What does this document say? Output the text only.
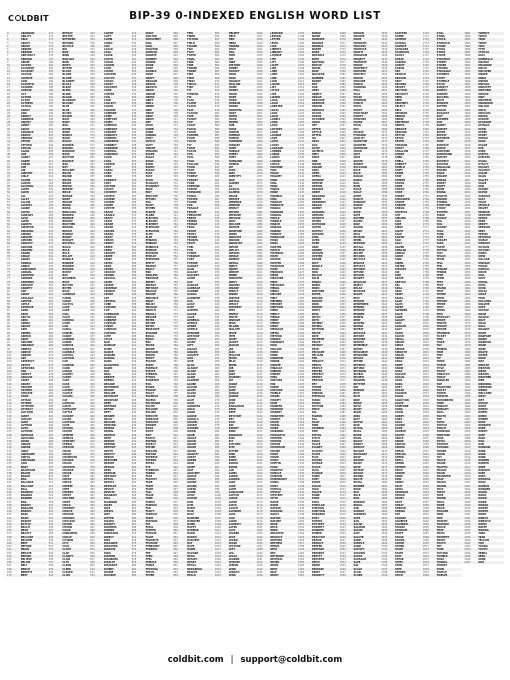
C LDBIT	BIP-39 0-INDEXED ENGLISH WORD LIST
0	ABANDON
1	ABILITY
2	ABLE
3	ABOUT
4	ABOVE
5	ABSENT
6	ABSORB
7	ABSTRACT
8	ABSURD
9	ABUSE
10	ACCESS
11	ACCIDENT
12	ACCOUNT
13	ACCUSE
14	ACHIEVE
15	ACID
16	ACOUSTIC
17	ACQUIRE
18	ACROSS
19	ACT
20	ACTION
21	ACTOR
22	ACTRESS
23	ACTUAL
24	ADAPT
25	ADD
26	ADDICT
27	ADDRESS
28	ADJUST
29	ADMIT
30	ADULT
31	ADVANCE
32	ADVICE
33	AEROBIC
34	AFFAIR
35	AFFORD
36	AFRAID
37	AGAIN
38	AGE
39	AGENT
40	AGREE
41	AHEAD
42	AIM
43	AIR
44	AIRPORT
45	AISLE
46	ALARM
47	ALBUM
48	ALCOHOL
49	ALERT
50	ALIEN
51	ALL
52	ALLEY
53	ALLOW
54	ALMOST
55	ALONE
56	ALPHA
57	ALREADY
58	ALSO
59	ALTER
60	ALWAYS
61	AMATEUR
62	AMAZING
63	AMONG
64	AMOUNT
65	AMUSED
66	ANALYST
67	ANCHOR
68	ANCIENT
69	ANGER
70	ANGLE
71	ANGRY
72	ANIMAL
73	ANKLE
74	ANNOUNCE
75	ANNUAL
76	ANOTHER
77	ANSWER
78	ANTENNA
79	ANTIQUE
80	ANXIETY
81	ANY
82	APART
83	APOLOGY
84	APPEAR
85	APPLE
86	APPROVE
87	APRIL
88	ARCH
89	ARCTIC
90	AREA
91	ARENA
92	ARGUE
93	ARM
94	ARMED
95	ARMOR
96	ARMY
97	AROUND
98	ARRANGE
99	ARREST
100	ARRIVE
101	ARROW
102	ART
103	ARTEFACT
104	ARTIST
105	ARTWORK
106	ASK
107	ASPECT
108	ASSAULT
109	ASSET
110	ASSIST
111	ASSUME
112	ASTHMA
113	ATHLETE
114	ATOM
115	ATTACK
116	ATTEND
117	ATTITUDE
118	ATTRACT
119	AUCTION
120	AUDIT
121	AUGUST
122	AUNT
123	AUTHOR
124	AUTO
125	AUTUMN
126	AVERAGE
127	AVOCADO
128	AVOID
129	AWAKE
130	AWARE
131	AWAY
132	AWESOME
133	AWFUL
134	AWKWARD
135	AXIS
136	BABY
137	BACHELOR
138	BACON
139	BADGE
140	BAG
141	BALANCE
142	BALCONY
143	BALL
144	BAMBOO
145	BANANA
146	BANNER
147	BAR
148	BARELY
149	BARGAIN
150	BARREL
151	BASE
152	BASIC
153	BASKET
154	BATTLE
155	BEACH
156	BEAN
157	BEAUTY
158	BECAUSE
159	BECOME
160	BEEF
161	BEFORE
162	BEGIN
163	BEHAVE
164	BEHIND
165	BELIEVE
166	BELOW
167	BELT
168	BENCH
169	BENEFIT
170	BEST
171	BETRAY
172	BETTER
173	BETWEEN
174	BEYOND
175	BICYCLE
176	BID
177	BIKE
178	BIND
179	BIOLOGY
180	BIRD
181	BIRTH
182	BITTER
183	BLACK
184	BLADE
185	BLAME
186	BLANKET
187	BLAST
188	BLEAK
189	BLESS
190	BLIND
191	BLOOD
192	BLOSSOM
193	BLOUSE
194	BLUE
195	BLUR
196	BLUSH
197	BOARD
198	BOAT
199	BODY
200	BOIL
201	BOMB
202	BONE
203	BONUS
204	BOOK
205	BOOST
206	BORDER
207	BORING
208	BORROW
209	BOSS
210	BOTTOM
211	BOUNCE
212	BOX
213	BOY
214	BRACKET
215	BRAIN
216	BRAND
217	BRASS
218	BRAVE
219	BREAD
220	BREEZE
221	BRICK
222	BRIDGE
223	BRIEF
224	BRIGHT
225	BRING
226	BRISK
227	BROCCOLI
228	BROKEN
229	BRONZE
230	BROOM
231	BROTHER
232	BROWN
233	BRUSH
234	BUBBLE
235	BUDDY
236	BUDGET
237	BUFFALO
238	BUILD
239	BULB
240	BULK
241	BULLET
242	BUNDLE
243	BUNKER
244	BURDEN
245	BURGER
246	BURST
247	BUS
248	BUSINESS
249	BUSY
250	BUTTER
251	BUYER
252	BUZZ
253	CABBAGE
254	CABIN
255	CABLE
256	CACTUS
257	CAGE
258	CAKE
259	CALL
260	CALM
261	CAMERA
262	CAMP
263	CAN
264	CANAL
265	CANCEL
266	CANDY
267	CANNON
268	CANOE
269	CANVAS
270	CANYON
271	CAPABLE
272	CAPITAL
273	CAPTAIN
274	CAR
275	CARBON
276	CARD
277	CARGO
278	CARPET
279	CARRY
280	CART
281	CASE
282	CASH
283	CASINO
284	CASTLE
285	CASUAL
286	CAT
287	CATALOG
288	CATCH
289	CATEGORY
290	CATTLE
291	CAUGHT
292	CAUSE
293	CAUTION
294	CAVE
295	CEILING
296	CELERY
297	CEMENT
298	CENSUS
299	CENTURY
300	CEREAL
301	CERTAIN
302	CHAIR
303	CHALK
304	CHAMPION
305	CHANGE
306	CHAOS
307	CHAPTER
308	CHARGE
309	CHASE
310	CHAT
311	CHEAP
312	CHECK
313	CHEESE
314	CHEF
315	CHERRY
316	CHEST
317	CHICKEN
318	CHIEF
319	CHILD
320	CHIMNEY
321	CHOICE
322	CHOOSE
323	CHRONIC
324	CHUCKLE
325	CHUNK
326	CHURN
327	CIGAR
328	CINNAMON
329	CIRCLE
330	CITIZEN
331	CITY
332	CIVIL
333	CLAIM
334	CLAP
335	CLARIFY
336	CLAW
337	CLAY
338	CLEAN
339	CLERK
340	CLEVER
341	CLICK
342	CLIENT
343	CLIFF
344	CLIMB
345	CLINIC
346	CLIP
347	CLOCK
348	CLOG
349	CLOSE
350	CLOTH
351	CLOUD
352	CLOWN
353	CLUB
354	CLUMP
355	CLUSTER
356	CLUTCH
357	COACH
358	COAST
359	COCONUT
360	CODE
361	COFFEE
362	COIL
363	COIN
364	COLLECT
365	COLOR
366	COLUMN
367	COMBINE
368	COME
369	COMFORT
370	COMIC
371	COMMON
372	COMPANY
373	CONCERT
374	CONDUCT
375	CONFIRM
376	CONGRESS
377	CONNECT
378	CONSIDER
379	CONTROL
380	CONVINCE
381	COOK
382	COOL
383	COPPER
384	COPY
385	CORAL
386	CORE
387	CORN
388	CORRECT
389	COST
390	COTTON
391	COUCH
392	COUNTRY
393	COUPLE
394	COURSE
395	COUSIN
396	COVER
397	COYOTE
398	CRACK
399	CRADLE
400	CRAFT
401	CRAM
402	CRANE
403	CRASH
404	CRATER
405	CRAWL
406	CRAZY
407	CREAM
408	CREDIT
409	CREEK
410	CREW
411	CRICKET
412	CRIME
413	CRISP
414	CRITIC
415	CROP
416	CROSS
417	CROUCH
418	CROWD
419	CRUCIAL
420	CRUEL
421	CRUISE
422	CRUMBLE
423	CRUNCH
424	CRUSH
425	CRY
426	CRYSTAL
427	CUBE
428	CULTURE
429	CUP
430	CUPBOARD
431	CURIOUS
432	CURRENT
433	CURTAIN
434	CURVE
435	CUSHION
436	CUSTOM
437	CUTE
438	CYCLE
439	DAD
440	DAMAGE
441	DAMP
442	DANCE
443	DANGER
444	DARING
445	DASH
446	DAUGHTER
447	DAWN
448	DAY
449	DEAL
450	DEBATE
451	DEBRIS
452	DECADE
453	DECEMBER
454	DECIDE
455	DECLINE
456	DECORATE
457	DECREASE
458	DEER
459	DEFENSE
460	DEFINE
461	DEFY
462	DEGREE
463	DELAY
464	DELIVER
465	DEMAND
466	DEMISE
467	DENIAL
468	DENTIST
469	DENY
470	DEPART
471	DEPEND
472	DEPOSIT
473	DEPTH
474	DEPUTY
475	DERIVE
476	DESCRIBE
477	DESERT
478	DESIGN
479	DESK
480	DESPAIR
481	DESTROY
482	DETAIL
483	DETECT
484	DEVELOP
485	DEVICE
486	DEVOTE
487	DIAGRAM
488	DIAL
489	DIAMOND
490	DIARY
491	DICE
492	DIESEL
493	DIET
494	DIFFER
495	DIGITAL
496	DIGNITY
497	DILEMMA
498	DINNER
499	DINOSAUR
500	DIRECT
501	DIRT
502	DISAGREE
503	DISCOVER
504	DISEASE
505	DISH
506	DISMISS
507	DISORDER
508	DISPLAY
509	DISTANCE
510	DIVERT
511	DIVIDE
512	DIVORCE
513	DIZZY
514	DOCTOR
515	DOCUMENT
516	DOG
517	DOLL
518	DOLPHIN
519	DOMAIN
520	DONATE
521	DONKEY
522	DONOR
523	DOOR
524	DOSE
525	DOUBLE
526	DOVE
527	DRAFT
528	DRAGON
529	DRAMA
530	DRASTIC
531	DRAW
532	DREAM
533	DRESS
534	DRIFT
535	DRILL
536	DRINK
537	DRIP
538	DRIVE
539	DROP
540	DRUM
541	DRY
542	DUCK
543	DUMB
544	DUNE
545	DURING
546	DUST
547	DUTCH
548	DUTY
549	DWARF
550	DYNAMIC
551	EAGER
552	EAGLE
553	EARLY
554	EARN
555	EARTH
556	EASILY
557	EAST
558	EASY
559	ECHO
560	ECOLOGY
561	ECONOMY
562	EDGE
563	EDIT
564	EDUCATE
565	EFFORT
566	EGG
567	EIGHT
568	EITHER
569	ELBOW
570	ELDER
571	ELECTRIC
572	ELEGANT
573	ELEMENT
574	ELEPHANT
575	ELEVATOR
576	ELITE
577	ELSE
578	EMBARK
579	EMBODY
580	EMBRACE
581	EMERGE
582	EMOTION
583	EMPLOY
584	EMPOWER
585	EMPTY
586	ENABLE
587	ENACT
588	END
589	ENDLESS
590	ENDORSE
591	ENEMY
592	ENERGY
593	ENFORCE
594	ENGAGE
595	ENGINE
596	ENHANCE
597	ENJOY
598	ENLIST
599	ENOUGH
600	ENRICH
601	ENROLL
602	ENSURE
603	ENTER
604	ENTIRE
605	ENTRY
606	ENVELOPE
607	EPISODE
608	EQUAL
609	EQUIP
610	ERA
611	ERASE
612	ERODE
613	EROSION
614	ERROR
615	ERUPT
616	ESCAPE
617	ESSAY
618	ESSENCE
619	ESTATE
620	ETERNAL
621	ETHICS
622	EVIDENCE
623	EVIL
624	EVOKE
625	EVOLVE
626	EXACT
627	EXAMPLE
628	EXCESS
629	EXCHANGE
630	EXCITE
631	EXCLUDE
632	EXCUSE
633	EXECUTE
634	EXERCISE
635	EXHAUST
636	EXHIBIT
637	EXILE
638	EXIST
639	EXIT
640	EXOTIC
641	EXPAND
642	EXPECT
643	EXPIRE
644	EXPLAIN
645	EXPOSE
646	EXPRESS
647	EXTEND
648	EXTRA
649	EYE
650	EYEBROW
651	FABRIC
652	FACE
653	FACULTY
654	FADE
655	FAINT
656	FAITH
657	FALL
658	FALSE
659	FAME
660	FAMILY
661	FAMOUS
662	FAN
663	FANCY
664	FANTASY
665	FARM
666	FASHION
667	FAT
668	FATAL
669	FATHER
670	FATIGUE
671	FAULT
672	FAVORITE
673	FEATURE
674	FEBRUARY
675	FEDERAL
676	FEE
677	FEED
678	FEEL
679	FEMALE
680	FENCE
681	FESTIVAL
682	FETCH
683	FEVER
684	FEW
685	FIBER
686	FICTION
687	FIELD
688	FIGURE
689	FILE
690	FILM
691	FILTER
692	FINAL
693	FIND
694	FINE
695	FINGER
696	FINISH
697	FIRE
698	FIRM
699	FIRST
700	FISCAL
701	FISH
702	FIT
703	FITNESS
704	FIX
705	FLAG
706	FLAME
707	FLASH
708	FLAT
709	FLAVOR
710	FLEE
711	FLIGHT
712	FLIP
713	FLOAT
714	FLOCK
715	FLOOR
716	FLOWER
717	FLUID
718	FLUSH
719	FLY
720	FOAM
721	FOCUS
722	FOG
723	FOIL
724	FOLD
725	FOLLOW
726	FOOD
727	FOOT
728	FORCE
729	FOREST
730	FORGET
731	FORK
732	FORTUNE
733	FORUM
734	FORWARD
735	FOSSIL
736	FOSTER
737	FOUND
738	FOX
739	FRAGILE
740	FRAME
741	FREQUENT
742	FRESH
743	FRIEND
744	FRINGE
745	FROG
746	FRONT
747	FROST
748	FROWN
749	FROZEN
750	FRUIT
751	FUEL
752	FUN
753	FUNNY
754	FURNACE
755	FURY
756	FUTURE
757	GADGET
758	GAIN
759	GALAXY
760	GALLERY
761	GAME
762	GAP
763	GARAGE
764	GARBAGE
765	GARDEN
766	GARLIC
767	GARMENT
768	GAS
769	GASP
770	GATE
771	GATHER
772	GAUGE
773	GAZE
774	GENERAL
775	GENIUS
776	GENRE
777	GENTLE
778	GENUINE
779	GESTURE
780	GHOST
781	GIANT
782	GIFT
783	GIGGLE
784	GINGER
785	GIRAFFE
786	GIRL
787	GIVE
788	GLAD
789	GLANCE
790	GLARE
791	GLASS
792	GLIDE
793	GLIMPSE
794	GLOBE
795	GLOOM
796	GLORY
797	GLOVE
798	GLOW
799	GLUE
800	GOAT
801	GODDESS
802	GOLD
803	GOOD
804	GOOSE
805	GORILLA
806	GOSPEL
807	GOSSIP
808	GOVERN
809	GOWN
810	GRAB
811	GRACE
812	GRAIN
813	GRANT
814	GRAPE
815	GRASS
816	GRAVITY
817	GREAT
818	GREEN
819	GRID
820	GRIEF
821	GRIT
822	GROCERY
823	GROUP
824	GROW
825	GRUNT
826	GUARD
827	GUESS
828	GUIDE
829	GUILT
830	GUITAR
831	GUN
832	GYM
833	HABIT
834	HAIR
835	HALF
836	HAMMER
837	HAMSTER
838	HAND
839	HAPPY
840	HARBOR
841	HARD
842	HARSH
843	HARVEST
844	HAT
845	HAVE
846	HAWK
847	HAZARD
848	HEAD
849	HEALTH
850	HEART
851	HEAVY
852	HEDGEHOG
853	HEIGHT
854	HELLO
855	HELMET
856	HELP
857	HEN
858	HERO
859	HIDDEN
860	HIGH
861	HILL
862	HINT
863	HIP
864	HIRE
865	HISTORY
866	HOBBY
867	HOCKEY
868	HOLD
869	HOLE
870	HOLIDAY
871	HOLLOW
872	HOME
873	HONEY
874	HOOD
875	HOPE
876	HORN
877	HORROR
878	HORSE
879	HOSPITAL
880	HOST
881	HOTEL
882	HOUR
883	HOVER
884	HUB
885	HUGE
886	HUMAN
887	HUMBLE
888	HUMOR
889	HUNDRED
890	HUNGRY
891	HUNT
892	HURDLE
893	HURRY
894	HURT
895	HUSBAND
896	HYBRID
897	ICE
898	ICON
899	IDEA
900	IDENTIFY
901	IDLE
902	IGNORE
903	ILL
904	ILLEGAL
905	ILLNESS
906	IMAGE
907	IMITATE
908	IMMENSE
909	IMMUNE
910	IMPACT
911	IMPOSE
912	IMPROVE
913	IMPULSE
914	INCH
915	INCLUDE
916	INCOME
917	INCREASE
918	INDEX
919	INDICATE
920	INDOOR
921	INDUSTRY
922	INFANT
923	INFLICT
924	INFORM
925	INHALE
926	INHERIT
927	INITIAL
928	INJECT
929	INJURY
930	INMATE
931	INNER
932	INNOCENT
933	INPUT
934	INQUIRY
935	INSANE
936	INSECT
937	INSIDE
938	INSPIRE
939	INSTALL
940	INTACT
941	INTEREST
942	INTO
943	INVEST
944	INVITE
945	INVOLVE
946	IRON
947	ISLAND
948	ISOLATE
949	ISSUE
950	ITEM
951	IVORY
952	JACKET
953	JAGUAR
954	JAR
955	JAZZ
956	JEALOUS
957	JEANS
958	JELLY
959	JEWEL
960	JOB
961	JOIN
962	JOKE
963	JOURNEY
964	JOY
965	JUDGE
966	JUICE
967	JUMP
968	JUNGLE
969	JUNIOR
970	JUNK
971	JUST
972	KANGAROO
973	KEEN
974	KEEP
975	KETCHUP
976	KEY
977	KICK
978	KID
979	KIDNEY
980	KIND
981	KINGDOM
982	KISS
983	KIT
984	KITCHEN
985	KITE
986	KITTEN
987	KIWI
988	KNEE
989	KNIFE
990	KNOCK
991	KNOW
992	LAB
993	LABEL
994	LABOR
995	LADDER
996	LADY
997	LAKE
998	LAMP
999	LANGUAGE
1000	LAPTOP
1001	LARGE
1002	LATER
1003	LATIN
1004	LAUGH
1005	LAUNDRY
1006	LAVA
1007	LAW
1008	LAWN
1009	LAWSUIT
1010	LAYER
1011	LAZY
1012	LEADER
1013	LEAF
1014	LEARN
1015	LEAVE
1016	LECTURE
1017	LEFT
1018	LEG
1019	LEGAL
1020	LEGEND
1021	LEISURE
1022	LEMON
1023	LEND
1024	LENGTH
1025	LENS
1026	LEOPARD
1027	LESSON
1028	LETTER
1029	LEVEL
1030	LIAR
1031	LIBERTY
1032	LIBRARY
1033	LICENSE
1034	LIFE
1035	LIFT
1036	LIGHT
1037	LIKE
1038	LIMB
1039	LIMIT
1040	LINK
1041	LION
1042	LIQUID
1043	LIST
1044	LITTLE
1045	LIVE
1046	LIZARD
1047	LOAD
1048	LOAN
1049	LOBSTER
1050	LOCAL
1051	LOCK
1052	LOGIC
1053	LONELY
1054	LONG
1055	LOOP
1056	LOTTERY
1057	LOUD
1058	LOUNGE
1059	LOVE
1060	LOYAL
1061	LUCKY
1062	LUGGAGE
1063	LUMBER
1064	LUNAR
1065	LUNCH
1066	LUXURY
1067	LYRICS
1068	MACHINE
1069	MAD
1070	MAGIC
1071	MAGNET
1072	MAID
1073	MAIL
1074	MAIN
1075	MAJOR
1076	MAKE
1077	MAMMAL
1078	MAN
1079	MANAGE
1080	MANDATE
1081	MANGO
1082	MANSION
1083	MANUAL
1084	MAPLE
1085	MARBLE
1086	MARCH
1087	MARGIN
1088	MARINE
1089	MARKET
1090	MARRIAGE
1091	MASK
1092	MASS
1093	MASTER
1094	MATCH
1095	MATERIAL
1096	MATH
1097	MATRIX
1098	MATTER
1099	MAXIMUM
1100	MAZE
1101	MEADOW
1102	MEAN
1103	MEASURE
1104	MEAT
1105	MECHANIC
1106	MEDAL
1107	MEDIA
1108	MELODY
1109	MELT
1110	MEMBER
1111	MEMORY
1112	MENTION
1113	MENU
1114	MERCY
1115	MERGE
1116	MERIT
1117	MERRY
1118	MESH
1119	MESSAGE
1120	METAL
1121	METHOD
1122	MIDDLE
1123	MIDNIGHT
1124	MILK
1125	MILLION
1126	MIMIC
1127	MIND
1128	MINIMUM
1129	MINOR
1130	MINUTE
1131	MIRACLE
1132	MIRROR
1133	MISERY
1134	MISS
1135	MISTAKE
1136	MIX
1137	MIXED
1138	MIXTURE
1139	MOBILE
1140	MODEL
1141	MODIFY
1142	MOM
1143	MOMENT
1144	MONITOR
1145	MONKEY
1146	MONSTER
1147	MONTH
1148	MOON
1149	MORAL
1150	MORE
1151	MORNING
1152	MOSQUITO
1153	MOTHER
1154	MOTION
1155	MOTOR
1156	MOUNTAIN
1157	MOUSE
1158	MOVE
1159	MOVIE
1160	MUCH
1161	MUFFIN
1162	MULE
1163	MULTIPLY
1164	MUSCLE
1165	MUSEUM
1166	MUSHROOM
1167	MUSIC
1168	MUST
1169	MUTUAL
1170	MYSELF
1171	MYSTERY
1172	MYTH
1173	NAIVE
1174	NAME
1175	NAPKIN
1176	NARROW
1177	NASTY
1178	NATION
1179	NATURE
1180	NEAR
1181	NECK
1182	NEED
1183	NEGATIVE
1184	NEGLECT
1185	NEITHER
1186	NEPHEW
1187	NERVE
1188	NEST
1189	NET
1190	NETWORK
1191	NEUTRAL
1192	NEVER
1193	NEWS
1194	NEXT
1195	NICE
1196	NIGHT
1197	NOBLE
1198	NOISE
1199	NOMINEE
1200	NOODLE
1201	NORMAL
1202	NORTH
1203	NOSE
1204	NOTABLE
1205	NOTE
1206	NOTHING
1207	NOTICE
1208	NOVEL
1209	NOW
1210	NUCLEAR
1211	NUMBER
1212	NURSE
1213	NUT
1214	OAK
1215	OBEY
1216	OBJECT
1217	OBLIGE
1218	OBSCURE
1219	OBSERVE
1220	OBTAIN
1221	OBVIOUS
1222	OCCUR
1223	OCEAN
1224	OCTOBER
1225	ODOR
1226	OFF
1227	OFFER
1228	OFFICE
1229	OFTEN
1230	OIL
1231	OKAY
1232	OLD
1233	OLIVE
1234	OLYMPIC
1235	OMIT
1236	ONCE
1237	ONE
1238	ONION
1239	ONLINE
1240	ONLY
1241	OPEN
1242	OPERA
1243	OPINION
1244	OPPOSE
1245	OPTION
1246	ORANGE
1247	ORBIT
1248	ORCHARD
1249	ORDER
1250	ORDINARY
1251	ORGAN
1252	ORIENT
1253	ORIGINAL
1254	ORPHAN
1255	OSTRICH
1256	OTHER
1257	OUTDOOR
1258	OUTER
1259	OUTPUT
1260	OUTSIDE
1261	OVAL
1262	OVEN
1263	OVER
1264	OWN
1265	OWNER
1266	OXYGEN
1267	OYSTER
1268	OZONE
1269	PACT
1270	PADDLE
1271	PAGE
1272	PAIR
1273	PALACE
1274	PALM
1275	PANDA
1276	PANEL
1277	PANIC
1278	PANTHER
1279	PAPER
1280	PARADE
1281	PARENT
1282	PARK
1283	PARROT
1284	PARTY
1285	PASS
1286	PATCH
1287	PATH
1288	PATIENT
1289	PATROL
1290	PATTERN
1291	PAUSE
1292	PAVE
1293	PAYMENT
1294	PEACE
1295	PEANUT
1296	PEAR
1297	PEASANT
1298	PELICAN
1299	PEN
1300	PENALTY
1301	PENCIL
1302	PEOPLE
1303	PEPPER
1304	PERFECT
1305	PERMIT
1306	PERSON
1307	PET
1308	PHONE
1309	PHOTO
1310	PHRASE
1311	PHYSICAL
1312	PIANO
1313	PICNIC
1314	PICTURE
1315	PIECE
1316	PIG
1317	PIGEON
1318	PILL
1319	PILOT
1320	PINK
1321	PIONEER
1322	PIPE
1323	PISTOL
1324	PITCH
1325	PIZZA
1326	PLACE
1327	PLANET
1328	PLASTIC
1329	PLATE
1330	PLAY
1331	PLEASE
1332	PLEDGE
1333	PLUCK
1334	PLUG
1335	PLUNGE
1336	POEM
1337	POET
1338	POINT
1339	POLAR
1340	POLE
1341	POLICE
1342	POND
1343	PONY
1344	POOL
1345	POPULAR
1346	PORTION
1347	POSITION
1348	POSSIBLE
1349	POST
1350	POTATO
1351	POTTERY
1352	POVERTY
1353	POWDER
1354	POWER
1355	PRACTICE
1356	PRAISE
1357	PREDICT
1358	PREFER
1359	PREPARE
1360	PRESENT
1361	PRETTY
1362	PREVENT
1363	PRICE
1364	PRIDE
1365	PRIMARY
1366	PRINT
1367	PRIORITY
1368	PRISON
1369	PRIVATE
1370	PRIZE
1371	PROBLEM
1372	PROCESS
1373	PRODUCE
1374	PROFIT
1375	PROGRAM
1376	PROJECT
1377	PROMOTE
1378	PROOF
1379	PROPERTY
1380	PROSPER
1381	PROTECT
1382	PROUD
1383	PROVIDE
1384	PUBLIC
1385	PUDDING
1386	PULL
1387	PULP
1388	PULSE
1389	PUMPKIN
1390	PUNCH
1391	PUPIL
1392	PUPPY
1393	PURCHASE
1394	PURITY
1395	PURPOSE
1396	PURSE
1397	PUSH
1398	PUT
1399	PUZZLE
1400	PYRAMID
1401	QUALITY
1402	QUANTUM
1403	QUARTER
1404	QUESTION
1405	QUICK
1406	QUIT
1407	QUIZ
1408	QUOTE
1409	RABBIT
1410	RACCOON
1411	RACE
1412	RACK
1413	RADAR
1414	RADIO
1415	RAIL
1416	RAIN
1417	RAISE
1418	RALLY
1419	RAMP
1420	RANCH
1421	RANDOM
1422	RANGE
1423	RAPID
1424	RARE
1425	RATE
1426	RATHER
1427	RAVEN
1428	RAW
1429	RAZOR
1430	READY
1431	REAL
1432	REASON
1433	REBEL
1434	REBUILD
1435	RECALL
1436	RECEIVE
1437	RECIPE
1438	RECORD
1439	RECYCLE
1440	REDUCE
1441	REFLECT
1442	REFORM
1443	REFUSE
1444	REGION
1445	REGRET
1446	REGULAR
1447	REJECT
1448	RELAX
1449	RELEASE
1450	RELIEF
1451	RELY
1452	REMAIN
1453	REMEMBER
1454	REMIND
1455	REMOVE
1456	RENDER
1457	RENEW
1458	RENT
1459	REOPEN
1460	REPAIR
1461	REPEAT
1462	REPLACE
1463	REPORT
1464	REQUIRE
1465	RESCUE
1466	RESEMBLE
1467	RESIST
1468	RESOURCE
1469	RESPONSE
1470	RESULT
1471	RETIRE
1472	RETREAT
1473	RETURN
1474	REUNION
1475	REVEAL
1476	REVIEW
1477	REWARD
1478	RHYTHM
1479	RIB
1480	RIBBON
1481	RICE
1482	RICH
1483	RIDE
1484	RIDGE
1485	RIFLE
1486	RIGHT
1487	RIGID
1488	RING
1489	RIOT
1490	RIPPLE
1491	RISK
1492	RITUAL
1493	RIVAL
1494	RIVER
1495	ROAD
1496	ROAST
1497	ROBOT
1498	ROBUST
1499	ROCKET
1500	ROMANCE
1501	ROOF
1502	ROOKIE
1503	ROOM
1504	ROSE
1505	ROTATE
1506	ROUGH
1507	ROUND
1508	ROUTE
1509	ROYAL
1510	RUBBER
1511	RUDE
1512	RUG
1513	RULE
1514	RUN
1515	RUNWAY
1516	RURAL
1517	SAD
1518	SADDLE
1519	SADNESS
1520	SAFE
1521	SAIL
1522	SALAD
1523	SALMON
1524	SALON
1525	SALT
1526	SALUTE
1527	SAME
1528	SAMPLE
1529	SAND
1530	SATISFY
1531	SATOSHI
1532	SAUCE
1533	SAUSAGE
1534	SAVE
1535	SAY
1536	SCALE
1537	SCAN
1538	SCARE
1539	SCATTER
1540	SCENE
1541	SCHEME
1542	SCHOOL
1543	SCIENCE
1544	SCISSORS
1545	SCORPION
1546	SCOUT
1547	SCRAP
1548	SCREEN
1549	SCRIPT
1550	SCRUB
1551	SEA
1552	SEARCH
1553	SEASON
1554	SEAT
1555	SECOND
1556	SECRET
1557	SECTION
1558	SECURITY
1559	SEED
1560	SEEK
1561	SEGMENT
1562	SELECT
1563	SELL
1564	SEMINAR
1565	SENIOR
1566	SENSE
1567	SENTENCE
1568	SERIES
1569	SERVICE
1570	SESSION
1571	SETTLE
1572	SETUP
1573	SEVEN
1574	SHADOW
1575	SHAFT
1576	SHALLOW
1577	SHARE
1578	SHED
1579	SHELL
1580	SHERIFF
1581	SHIELD
1582	SHIFT
1583	SHINE
1584	SHIP
1585	SHIVER
1586	SHOCK
1587	SHOE
1588	SHOOT
1589	SHOP
1590	SHORT
1591	SHOULDER
1592	SHOVE
1593	SHRIMP
1594	SHRUG
1595	SHUFFLE
1596	SHY
1597	SIBLING
1598	SICK
1599	SIDE
1600	SIEGE
1601	SIGHT
1602	SIGN
1603	SILENT
1604	SILK
1605	SILLY
1606	SILVER
1607	SIMILAR
1608	SIMPLE
1609	SINCE
1610	SING
1611	SIREN
1612	SISTER
1613	SITUATE
1614	SIX
1615	SIZE
1616	SKATE
1617	SKETCH
1618	SKI
1619	SKILL
1620	SKIN
1621	SKIRT
1622	SKULL
1623	SLAB
1624	SLAM
1625	SLEEP
1626	SLENDER
1627	SLICE
1628	SLIDE
1629	SLIGHT
1630	SLIM
1631	SLOGAN
1632	SLOT
1633	SLOW
1634	SLUSH
1635	SMALL
1636	SMART
1637	SMILE
1638	SMOKE
1639	SMOOTH
1640	SNACK
1641	SNAKE
1642	SNAP
1643	SNIFF
1644	SNOW
1645	SOAP
1646	SOCCER
1647	SOCIAL
1648	SOCK
1649	SODA
1650	SOFT
1651	SOLAR
1652	SOLDIER
1653	SOLID
1654	SOLUTION
1655	SOLVE
1656	SOMEONE
1657	SONG
1658	SOON
1659	SORRY
1660	SORT
1661	SOUL
1662	SOUND
1663	SOUP
1664	SOURCE
1665	SOUTH
1666	SPACE
1667	SPARE
1668	SPATIAL
1669	SPAWN
1670	SPEAK
1671	SPECIAL
1672	SPEED
1673	SPELL
1674	SPEND
1675	SPHERE
1676	SPICE
1677	SPIDER
1678	SPIKE
1679	SPIN
1680	SPIRIT
1681	SPLIT
1682	SPOIL
1683	SPONSOR
1684	SPOON
1685	SPORT
1686	SPOT
1687	SPRAY
1688	SPREAD
1689	SPRING
1690	SPY
1691	SQUARE
1692	SQUEEZE
1693	SQUIRREL
1694	STABLE
1695	STADIUM
1696	STAFF
1697	STAGE
1698	STAIRS
1699	STAMP
1700	STAND
1701	START
1702	STATE
1703	STAY
1704	STEAK
1705	STEEL
1706	STEM
1707	STEP
1708	STEREO
1709	STICK
1710	STILL
1711	STING
1712	STOCK
1713	STOMACH
1714	STONE
1715	STOOL
1716	STORY
1717	STOVE
1718	STRATEGY
1719	STREET
1720	STRIKE
1721	STRONG
1722	STRUGGLE
1723	STUDENT
1724	STUFF
1725	STUMBLE
1726	STYLE
1727	SUBJECT
1728	SUBMIT
1729	SUBWAY
1730	SUCCESS
1731	SUCH
1732	SUDDEN
1733	SUFFER
1734	SUGAR
1735	SUGGEST
1736	SUIT
1737	SUMMER
1738	SUN
1739	SUNNY
1740	SUNSET
1741	SUPER
1742	SUPPLY
1743	SUPREME
1744	SURE
1745	SURFACE
1746	SURGE
1747	SURPRISE
1748	SURROUND
1749	SURVEY
1750	SUSPECT
1751	SUSTAIN
1752	SWALLOW
1753	SWAMP
1754	SWAP
1755	SWARM
1756	SWEAR
1757	SWEET
1758	SWIFT
1759	SWIM
1760	SWING
1761	SWITCH
1762	SWORD
1763	SYMBOL
1764	SYMPTOM
1765	SYRUP
1766	SYSTEM
1767	TABLE
1768	TACKLE
1769	TAG
1770	TAIL
1771	TALENT
1772	TALK
1773	TANK
1774	TAPE
1775	TARGET
1776	TASK
1777	TASTE
1778	TATTOO
1779	TAXI
1780	TEACH
1781	TEAM
1782	TELL
1783	TEN
1784	TENANT
1785	TENNIS
1786	TENT
1787	TERM
1788	TEST
1789	TEXT
1790	THANK
1791	THAT
1792	THEME
1793	THEN
1794	THEORY
1795	THERE
1796	THEY
1797	THING
1798	THIS
1799	THOUGHT
1800	THREE
1801	THRIVE
1802	THROW
1803	THUMB
1804	THUNDER
1805	TICKET
1806	TIDE
1807	TIGER
1808	TILT
1809	TIMBER
1810	TIME
1811	TINY
1812	TIP
1813	TIRED
1814	TISSUE
1815	TITLE
1816	TOAST
1817	TOBACCO
1818	TODAY
1819	TODDLER
1820	TOE
1821	TOGETHER
1822	TOILET
1823	TOKEN
1824	TOMATO
1825	TOMORROW
1826	TONE
1827	TONGUE
1828	TONIGHT
1829	TOOL
1830	TOOTH
1831	TOP
1832	TOPIC
1833	TOPPLE
1834	TORCH
1835	TORNADO
1836	TORTOISE
1837	TOSS
1838	TOTAL
1839	TOURIST
1840	TOWARD
1841	TOWER
1842	TOWN
1843	TOY
1844	TRACK
1845	TRADE
1846	TRAFFIC
1847	TRAGIC
1848	TRAIN
1849	TRANSFER
1850	TRAP
1851	TRASH
1852	TRAVEL
1853	TRAY
1854	TREAT
1855	TREE
1856	TREND
1857	TRIAL
1858	TRIBE
1859	TRICK
1860	TRIGGER
1861	TRIM
1862	TRIP
1863	TROPHY
1864	TROUBLE
1865	TRUCK
1866	TRUE
1867	TRULY
1868	TRUMPET
1869	TRUST
1870	TRUTH
1871	TRY
1872	TUBE
1873	TUITION
1874	TUMBLE
1875	TUNA
1876	TUNNEL
1877	TURKEY
1878	TURN
1879	TURTLE
1880	TWELVE
1881	TWENTY
1882	TWICE
1883	TWIN
1884	TWIST
1885	TWO
1886	TYPE
1887	TYPICAL
1888	UGLY
1889	UMBRELLA
1890	UNABLE
1891	UNAWARE
1892	UNCLE
1893	UNCOVER
1894	UNDER
1895	UNDO
1896	UNFAIR
1897	UNFOLD
1898	UNHAPPY
1899	UNIFORM
1900	UNIQUE
1901	UNIT
1902	UNIVERSE
1903	UNKNOWN
1904	UNLOCK
1905	UNTIL
1906	UNUSUAL
1907	UNVEIL
1908	UPDATE
1909	UPGRADE
1910	UPHOLD
1911	UPON
1912	UPPER
1913	UPSET
1914	URBAN
1915	URGE
1916	USAGE
1917	USE
1918	USED
1919	USEFUL
1920	USELESS
1921	USUAL
1922	UTILITY
1923	VACANT
1924	VACUUM
1925	VAGUE
1926	VALID
1927	VALLEY
1928	VALVE
1929	VAN
1930	VANISH
1931	VAPOR
1932	VARIOUS
1933	VAST
1934	VAULT
1935	VEHICLE
1936	VELVET
1937	VENDOR
1938	VENTURE
1939	VENUE
1940	VERB
1941	VERIFY
1942	VERSION
1943	VERY
1944	VESSEL
1945	VETERAN
1946	VIABLE
1947	VIBRANT
1948	VICIOUS
1949	VICTORY
1950	VIDEO
1951	VIEW
1952	VILLAGE
1953	VINTAGE
1954	VIOLIN
1955	VIRTUAL
1956	VIRUS
1957	VISA
1958	VISIT
1959	VISUAL
1960	VITAL
1961	VIVID
1962	VOCAL
1963	VOICE
1964	VOID
1965	VOLCANO
1966	VOLUME
1967	VOTE
1968	VOYAGE
1969	WAGE
1970	WAGON
1971	WAIT
1972	WALK
1973	WALL
1974	WALNUT
1975	WANT
1976	WARFARE
1977	WARM
1978	WARRIOR
1979	WASH
1980	WASP
1981	WASTE
1982	WATER
1983	WAVE
1984	WAY
1985	WEALTH
1986	WEAPON
1987	WEAR
1988	WEASEL
1989	WEATHER
1990	WEB
1991	WEDDING
1992	WEEKEND
1993	WEIRD
1994	WELCOME
1995	WEST
1996	WET
1997	WHALE
1998	WHAT
1999	WHEAT
2000	WHEEL
2001	WHEN
2002	WHERE
2003	WHIP
2004	WHISPER
2005	WIDE
2006	WIDTH
2007	WIFE
2008	WILD
2009	WILL
2010	WIN
2011	WINDOW
2012	WINE
2013	WING
2014	WINK
2015	WINNER
2016	WINTER
2017	WIRE
2018	WISDOM
2019	WISE
2020	WISH
2021	WITNESS
2022	WOLF
2023	WOMAN
2024	WONDER
2025	WOOD
2026	WOOL
2027	WORD
2028	WORK
2029	WORLD
2030	WORRY
2031	WORTH
2032	WRAP
2033	WRECK
2034	WRESTLE
2035	WRIST
2036	WRITE
2037	WRONG
2038	YARD
2039	YEAR
2040	YELLOW
2041	YOU
2042	YOUNG
2043	YOUTH
2044	ZEBRA
2045	ZERO
2046	ZONE
2047	ZOO
coldbit.com | support@coldbit.com
